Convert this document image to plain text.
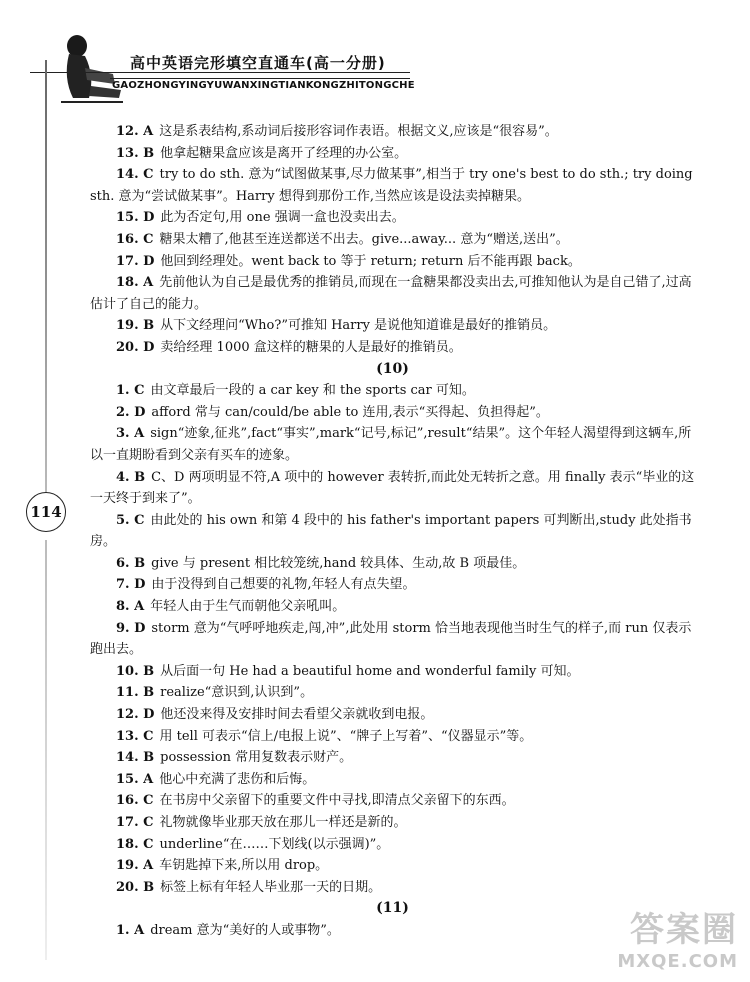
高中英语完形填空直通车(高一分册)
GAOZHONGYINGYUWANXINGTIANKONGZHITONGCHE
114

12. A 这是系表结构,系动词后接形容词作表语。根据文义,应该是“很容易”。

13. B 他拿起糖果盒应该是离开了经理的办公室。

14. C try to do sth. 意为“试图做某事,尽力做某事”,相当于 try one's best to do sth.; try doing sth. 意为“尝试做某事”。Harry 想得到那份工作,当然应该是设法卖掉糖果。

15. D 此为否定句,用 one 强调一盒也没卖出去。

16. C 糖果太糟了,他甚至连送都送不出去。give...away... 意为“赠送,送出”。

17. D 他回到经理处。went back to 等于 return; return 后不能再跟 back。

18. A 先前他认为自己是最优秀的推销员,而现在一盒糖果都没卖出去,可推知他认为是自己错了,过高估计了自己的能力。

19. B 从下文经理问“Who?”可推知 Harry 是说他知道谁是最好的推销员。

20. D 卖给经理 1000 盒这样的糖果的人是最好的推销员。

(10)

1. C 由文章最后一段的 a car key 和 the sports car 可知。

2. D afford 常与 can/could/be able to 连用,表示“买得起、负担得起”。

3. A sign“迹象,征兆”,fact“事实”,mark“记号,标记”,result“结果”。这个年轻人渴望得到这辆车,所以一直期盼看到父亲有买车的迹象。

4. B C、D 两项明显不符,A 项中的 however 表转折,而此处无转折之意。用 finally 表示“毕业的这一天终于到来了”。

5. C 由此处的 his own 和第 4 段中的 his father's important papers 可判断出,study 此处指书房。

6. B give 与 present 相比较笼统,hand 较具体、生动,故 B 项最佳。

7. D 由于没得到自己想要的礼物,年轻人有点失望。

8. A 年轻人由于生气而朝他父亲吼叫。

9. D storm 意为“气呼呼地疾走,闯,冲”,此处用 storm 恰当地表现他当时生气的样子,而 run 仅表示跑出去。

10. B 从后面一句 He had a beautiful home and wonderful family 可知。

11. B realize“意识到,认识到”。

12. D 他还没来得及安排时间去看望父亲就收到电报。

13. C 用 tell 可表示“信上/电报上说”、“牌子上写着”、“仪器显示”等。

14. B possession 常用复数表示财产。

15. A 他心中充满了悲伤和后悔。

16. C 在书房中父亲留下的重要文件中寻找,即清点父亲留下的东西。

17. C 礼物就像毕业那天放在那儿一样还是新的。

18. C underline“在……下划线(以示强调)”。

19. A 车钥匙掉下来,所以用 drop。

20. B 标签上标有年轻人毕业那一天的日期。

(11)

1. A dream 意为“美好的人或事物”。	答案圈
MXQE.COM
